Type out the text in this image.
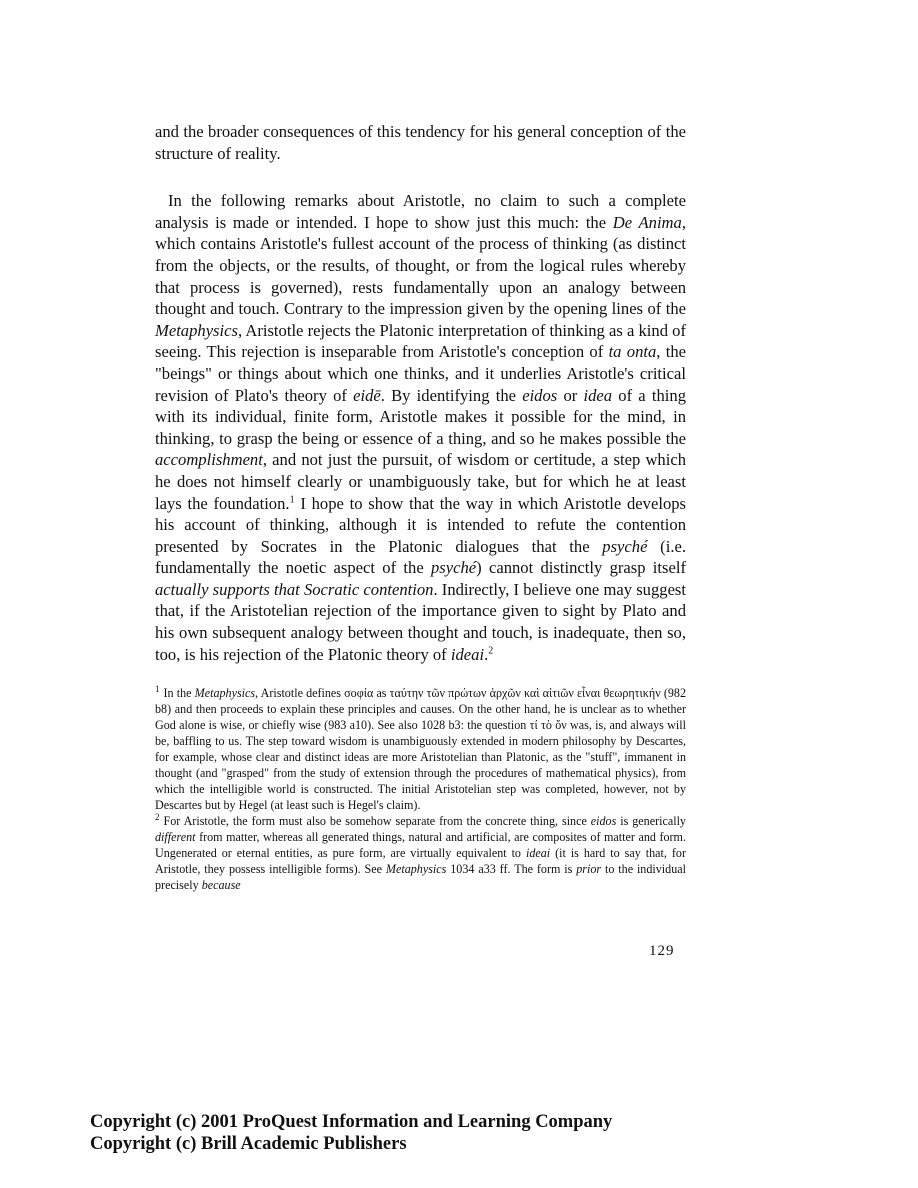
and the broader consequences of this tendency for his general conception of the structure of reality.

In the following remarks about Aristotle, no claim to such a complete analysis is made or intended. I hope to show just this much: the De Anima, which contains Aristotle's fullest account of the process of thinking (as distinct from the objects, or the results, of thought, or from the logical rules whereby that process is governed), rests fundamentally upon an analogy between thought and touch. Contrary to the impression given by the opening lines of the Metaphysics, Aristotle rejects the Platonic interpretation of thinking as a kind of seeing. This rejection is inseparable from Aristotle's conception of ta onta, the "beings" or things about which one thinks, and it underlies Aristotle's critical revision of Plato's theory of eidē. By identifying the eidos or idea of a thing with its individual, finite form, Aristotle makes it possible for the mind, in thinking, to grasp the being or essence of a thing, and so he makes possible the accomplishment, and not just the pursuit, of wisdom or certitude, a step which he does not himself clearly or unambiguously take, but for which he at least lays the foundation.$^1$ I hope to show that the way in which Aristotle develops his account of thinking, although it is intended to refute the contention presented by Socrates in the Platonic dialogues that the psyché (i.e. fundamentally the noetic aspect of the psyché) cannot distinctly grasp itself actually supports that Socratic contention. Indirectly, I believe one may suggest that, if the Aristotelian rejection of the importance given to sight by Plato and his own subsequent analogy between thought and touch, is inadequate, then so, too, is his rejection of the Platonic theory of ideai.$^2$

$^1$ In the Metaphysics, Aristotle defines σοφία as ταύτην τῶν πρώτων ἀρχῶν καὶ αἰτιῶν εἶναι θεωρητικήν (982 b8) and then proceeds to explain these principles and causes. On the other hand, he is unclear as to whether God alone is wise, or chiefly wise (983 a10). See also 1028 b3: the question τί τὸ ὄν was, is, and always will be, baffling to us. The step toward wisdom is unambiguously extended in modern philosophy by Descartes, for example, whose clear and distinct ideas are more Aristotelian than Platonic, as the "stuff", immanent in thought (and "grasped" from the study of extension through the procedures of mathematical physics), from which the intelligible world is constructed. The initial Aristotelian step was completed, however, not by Descartes but by Hegel (at least such is Hegel's claim).

$^2$ For Aristotle, the form must also be somehow separate from the concrete thing, since eidos is generically different from matter, whereas all generated things, natural and artificial, are composites of matter and form. Ungenerated or eternal entities, as pure form, are virtually equivalent to ideai (it is hard to say that, for Aristotle, they possess intelligible forms). See Metaphysics 1034 a33 ff. The form is prior to the individual precisely because

129
Copyright (c) 2001 ProQuest Information and Learning Company
Copyright (c) Brill Academic Publishers
